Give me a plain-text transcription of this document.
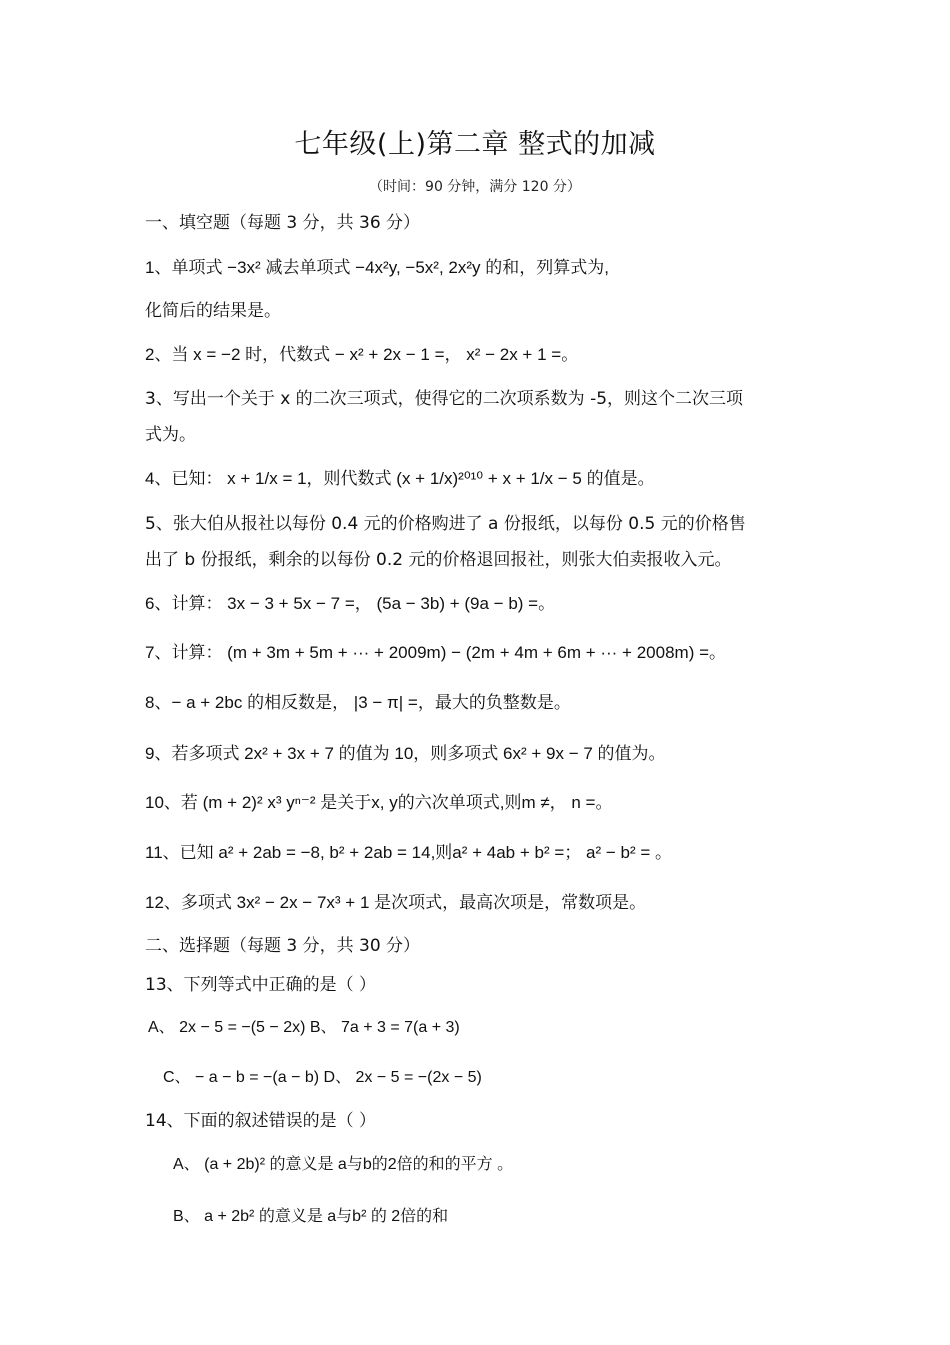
七年级(上)第二章 整式的加减
（时间：90 分钟，满分 120 分）
一、填空题（每题 3 分，共 36 分）
1、单项式 −3x² 减去单项式 −4x²y, −5x², 2x²y 的和，列算式为,
化简后的结果是。
2、当 x = −2 时，代数式 − x² + 2x − 1 =， x² − 2x + 1 =。
3、写出一个关于 x 的二次三项式，使得它的二次项系数为 -5，则这个二次三项
式为。
4、已知： x + 1/x = 1，则代数式 (x + 1/x)²⁰¹⁰ + x + 1/x − 5 的值是。
5、张大伯从报社以每份 0.4 元的价格购进了 a 份报纸，以每份 0.5 元的价格售
出了 b 份报纸，剩余的以每份 0.2 元的价格退回报社，则张大伯卖报收入元。
6、计算： 3x − 3 + 5x − 7 =， (5a − 3b) + (9a − b) =。
7、计算： (m + 3m + 5m + ··· + 2009m) − (2m + 4m + 6m + ··· + 2008m) =。
8、− a + 2bc 的相反数是， |3 − π| =，最大的负整数是。
9、若多项式 2x² + 3x + 7 的值为 10，则多项式 6x² + 9x − 7 的值为。
10、若 (m + 2)² x³ yⁿ⁻² 是关于x, y的六次单项式,则m ≠， n =。
11、已知 a² + 2ab = −8, b² + 2ab = 14,则a² + 4ab + b² =； a² − b² = 。
12、多项式 3x² − 2x − 7x³ + 1 是次项式，最高次项是，常数项是。
二、选择题（每题 3 分，共 30 分）
13、下列等式中正确的是（ ）
A、 2x − 5 = −(5 − 2x) B、 7a + 3 = 7(a + 3)
C、 − a − b = −(a − b) D、 2x − 5 = −(2x − 5)
14、下面的叙述错误的是（ ）
A、 (a + 2b)² 的意义是 a与b的2倍的和的平方 。
B、 a + 2b² 的意义是 a与b² 的 2倍的和
